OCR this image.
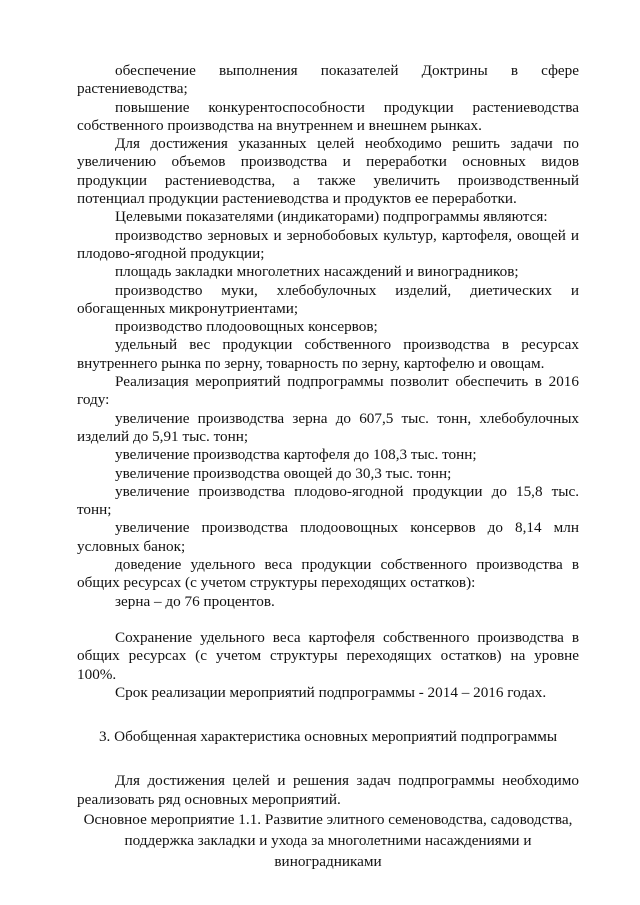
обеспечение выполнения показателей Доктрины в сфере растениеводства;

повышение конкурентоспособности продукции растениеводства собственного производства на внутреннем и внешнем рынках.

Для достижения указанных целей необходимо решить задачи по увеличению объемов производства и переработки основных видов продукции растениеводства, а также увеличить производственный потенциал продукции растениеводства и продуктов ее переработки.

Целевыми показателями (индикаторами) подпрограммы являются:

производство зерновых и зернобобовых культур, картофеля, овощей и плодово-ягодной продукции;

площадь закладки многолетних насаждений и виноградников;

производство муки, хлебобулочных изделий, диетических и обогащенных микронутриентами;

производство плодоовощных консервов;

удельный вес продукции собственного производства в ресурсах внутреннего рынка по зерну, товарность по зерну, картофелю и овощам.

Реализация мероприятий подпрограммы позволит обеспечить в 2016 году:

увеличение производства зерна до 607,5 тыс. тонн, хлебобулочных изделий до 5,91 тыс. тонн;

увеличение производства картофеля до 108,3 тыс. тонн;

увеличение производства овощей до 30,3 тыс. тонн;

увеличение производства плодово-ягодной продукции до 15,8 тыс. тонн;

увеличение производства плодоовощных консервов до 8,14 млн условных банок;

доведение удельного веса продукции собственного производства в общих ресурсах (с учетом структуры переходящих остатков):

зерна – до 76 процентов.

Сохранение удельного веса картофеля собственного производства в общих ресурсах (с учетом структуры переходящих остатков) на уровне 100%.

Срок реализации мероприятий подпрограммы - 2014 – 2016 годах.

3. Обобщенная характеристика основных мероприятий подпрограммы

Для достижения целей и решения задач подпрограммы необходимо реализовать ряд основных мероприятий.

Основное мероприятие 1.1. Развитие элитного семеноводства, садоводства, поддержка закладки и ухода за многолетними насаждениями и виноградниками
